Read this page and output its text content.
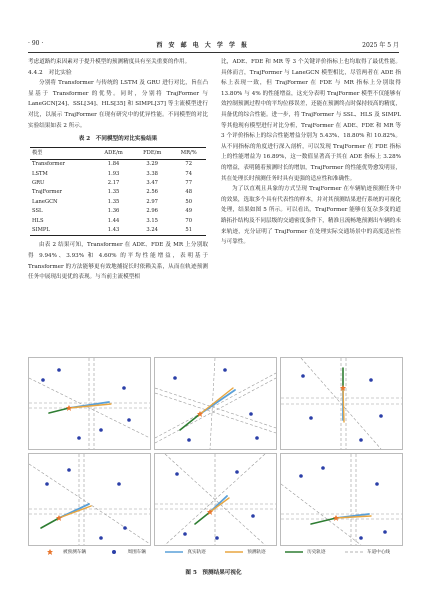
· 90 ·	西 安 邮 电 大 学 学 报	2025 年 5 月

考虑道路约束因素对于提升模型的预测精度具有至关重要的作用。

4.4.2　对比实验

分别将 Transformer 与传统的 LSTM 及 GRU 进行对比，旨在凸显基于 Transformer 的优势。同时，分别将 TrajFormer 与 LaneGCN[24]、SSL[34]、HLS[35] 和 SIMPL[37] 等主流模型进行对比，以展示 TrajFormer 在现有研究中的优异性能。不同模型的对比实验结果如表 2 所示。

表 2　不同模型的对比实验结果
模型	ADE/m	FDE/m	MR/%
Transformer	1.84	3.29	72
LSTM	1.93	3.38	74
GRU	2.17	3.47	77
TrajFormer	1.35	2.56	48
LaneGCN	1.35	2.97	50
SSL	1.36	2.96	49
HLS	1.44	3.15	70
SIMPL	1.43	3.24	51

由表 2 结果可知，Transformer 在 ADE、FDE 及 MR 上分别取得 9.94%、3.93% 和 4.60% 的平均性能增益，表明基于 Transformer 的方法能够更有效地捕捉长时依赖关系，从而在轨迹预测任务中展现出更优的表现。与当前主流模型相

比，ADE、FDE 和 MR 等 3 个关键评价指标上也均取得了最优性能。具体而言，TrajFormer 与 LaneGCN 模型相比，尽管两者在 ADE 指标上表现一致，但 TrajFormer 在 FDE 与 MR 指标上分别取得 13.80% 与 4% 的性能增益，这充分表明 TrajFormer 模型不仅能够有效控制预测过程中的平均位移误差，还能在预测终点时保持较高的精度，具备优的综合性能。进一步，将 TrajFormer 与 SSL、HLS 及 SIMPL 等其他现有模型进行对比分析，TrajFormer 在 ADE、FDE 和 MR 等 3 个评价指标上的综合性能增益分别为 5.43%、18.80% 和 10.82%。从不同指标的角度进行深入剖析，可以发现 TrajFormer 在 FDE 指标上的性能增益为 16.89%，这一数值显著高于其在 ADE 指标上 3.28% 的增益，表明随着预测时长的增加，TrajFormer 的性能优势愈发明显，其在处理长时预测任务时具有更强的适应性和准确性。

为了以直观且具象的方式呈现 TrajFormer 在车辆轨迹预测任务中的效果，选取多个具有代表性的样本，并对其预测结果进行系统的可视化处理，结果如图 5 所示。可以看出，TrajFormer 能够在复杂多变的道路拓扑结构及不同层级的交通密度条件下，精准且流畅地预测出车辆的未来轨迹，充分证明了 TrajFormer 在处理实际交通场景中的高度适应性与可靠性。

被预测车辆	周围车辆	真实轨迹	预测轨迹	历史轨迹	车道中心线
图 5　预测结果可视化
